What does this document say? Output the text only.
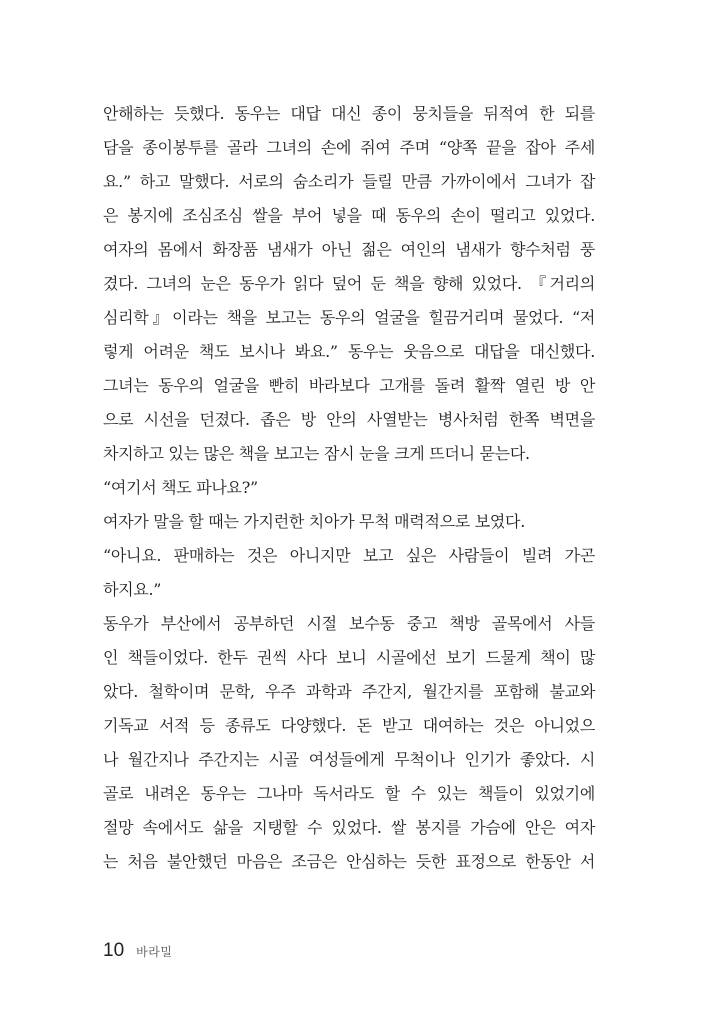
안해하는 듯했다. 동우는 대답 대신 종이 뭉치들을 뒤적여 한 되를
담을 종이봉투를 골라 그녀의 손에 쥐여 주며 “양쪽 끝을 잡아 주세
요.” 하고 말했다. 서로의 숨소리가 들릴 만큼 가까이에서 그녀가 잡
은 봉지에 조심조심 쌀을 부어 넣을 때 동우의 손이 떨리고 있었다.
여자의 몸에서 화장품 냄새가 아닌 젊은 여인의 냄새가 향수처럼 풍
겼다. 그녀의 눈은 동우가 읽다 덮어 둔 책을 향해 있었다. 『거리의
심리학』이라는 책을 보고는 동우의 얼굴을 힐끔거리며 물었다. “저
렇게 어려운 책도 보시나 봐요.” 동우는 웃음으로 대답을 대신했다.
그녀는 동우의 얼굴을 빤히 바라보다 고개를 돌려 활짝 열린 방 안
으로 시선을 던졌다. 좁은 방 안의 사열받는 병사처럼 한쪽 벽면을
차지하고 있는 많은 책을 보고는 잠시 눈을 크게 뜨더니 묻는다.
“여기서 책도 파나요?”
여자가 말을 할 때는 가지런한 치아가 무척 매력적으로 보였다.
“아니요. 판매하는 것은 아니지만 보고 싶은 사람들이 빌려 가곤
하지요.”
동우가 부산에서 공부하던 시절 보수동 중고 책방 골목에서 사들
인 책들이었다. 한두 권씩 사다 보니 시골에선 보기 드물게 책이 많
았다. 철학이며 문학, 우주 과학과 주간지, 월간지를 포함해 불교와
기독교 서적 등 종류도 다양했다. 돈 받고 대여하는 것은 아니었으
나 월간지나 주간지는 시골 여성들에게 무척이나 인기가 좋았다. 시
골로 내려온 동우는 그나마 독서라도 할 수 있는 책들이 있었기에
절망 속에서도 삶을 지탱할 수 있었다. 쌀 봉지를 가슴에 안은 여자
는 처음 불안했던 마음은 조금은 안심하는 듯한 표정으로 한동안 서
10 바라밀
